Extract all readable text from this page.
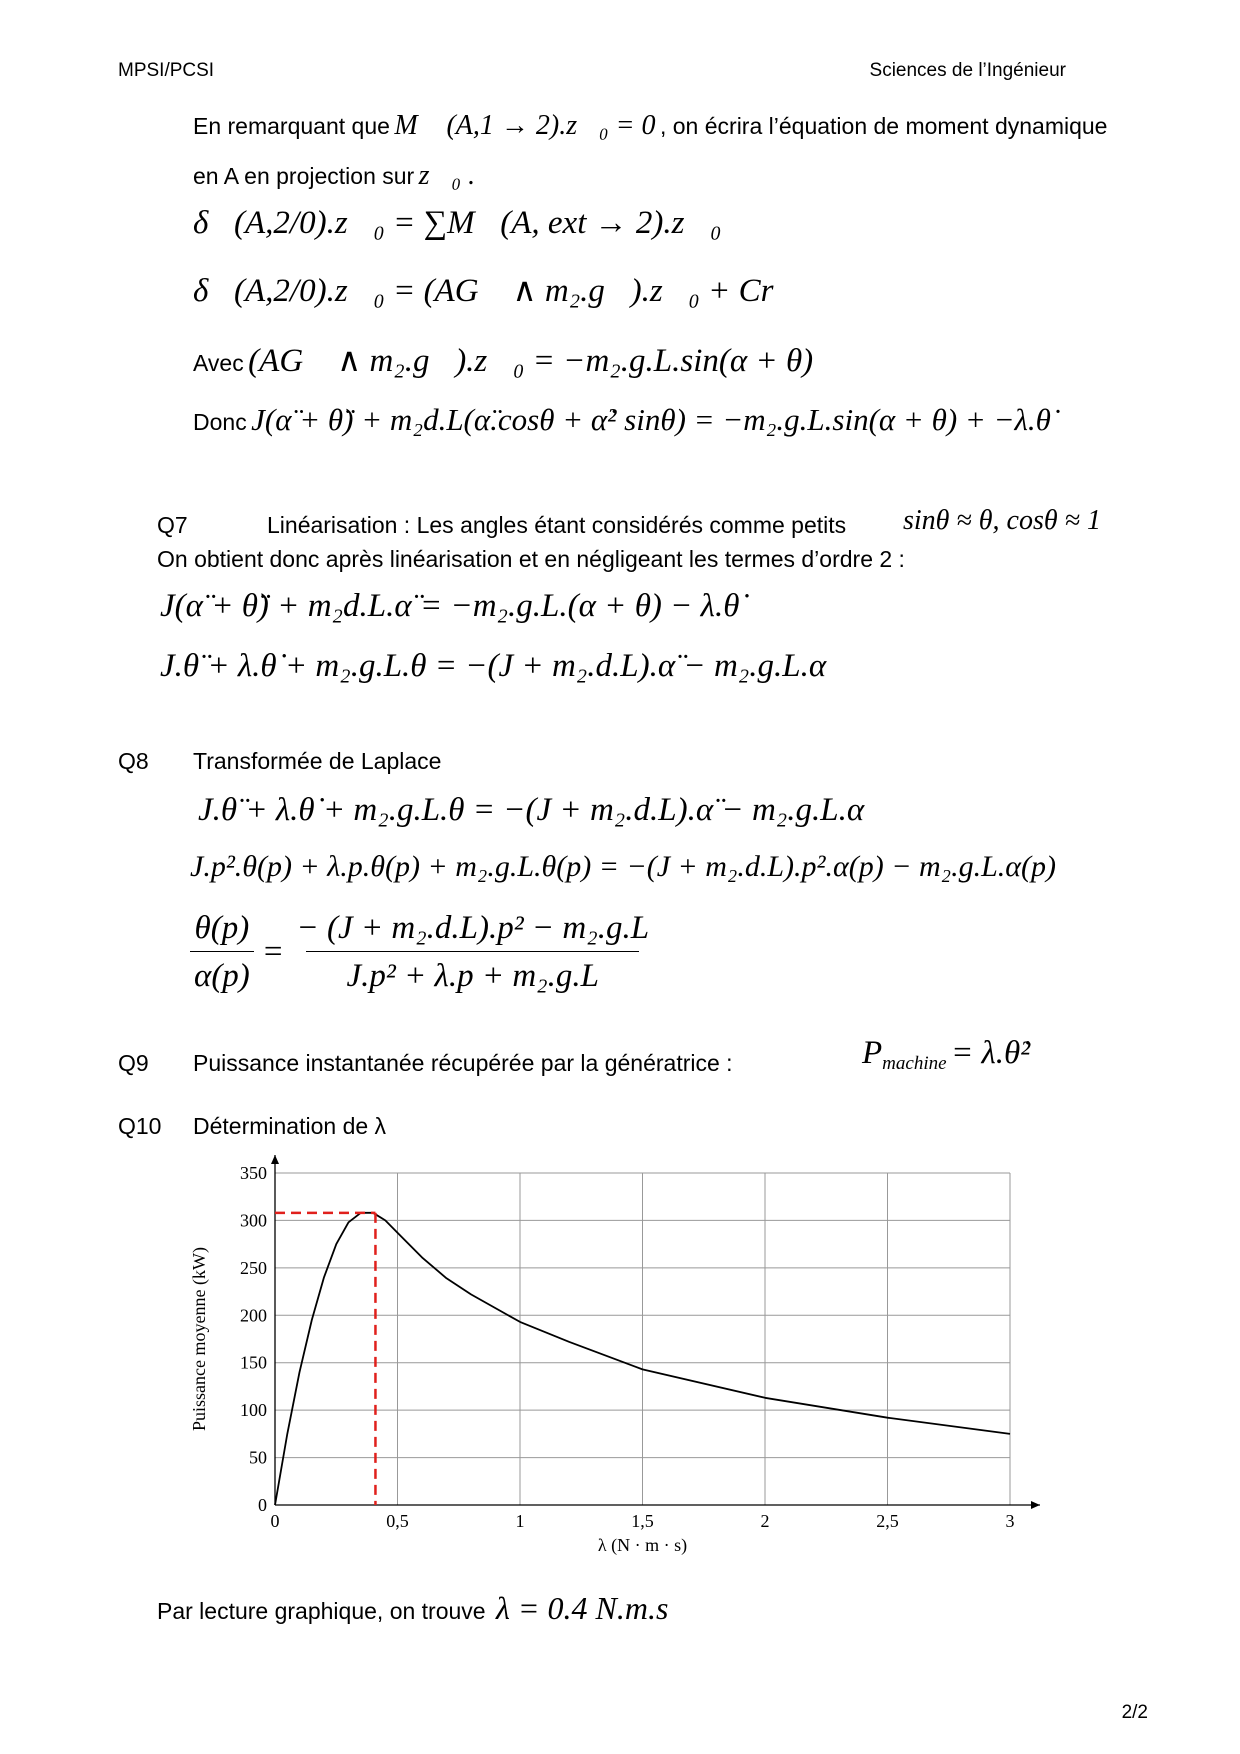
MPSI/PCSI	Sciences de l’Ingénieur
En remarquant que M⃗ (A,1 → 2).z⃗₀ = 0 , on écrira l’équation de moment dynamique
en A en projection sur z⃗₀ .
δ⃗(A,2/0).z⃗₀ = ∑M⃗(A, ext → 2).z⃗₀
δ⃗(A,2/0).z⃗₀ = (AG⃗ ∧ m₂.g⃗).z⃗₀ + Cr
Avec (AG⃗ ∧ m₂.g⃗).z⃗₀ = −m₂.g.L.sin(α + θ)
Donc J(α̈ + θ̈) + m₂d.L(α̈.cosθ + α̇² sinθ) = −m₂.g.L.sin(α + θ) + −λ.θ̇
Q7	Linéarisation : Les angles étant considérés comme petits sinθ ≈ θ, cosθ ≈ 1
On obtient donc après linéarisation et en négligeant les termes d’ordre 2 :
J(α̈ + θ̈) + m₂d.L.α̈ = −m₂.g.L.(α + θ) − λ.θ̇
J.θ̈ + λ.θ̇ + m₂.g.L.θ = −(J + m₂.d.L).α̈ − m₂.g.L.α
Q8 Transformée de Laplace
J.θ̈ + λ.θ̇ + m₂.g.L.θ = −(J + m₂.d.L).α̈ − m₂.g.L.α
J.p².θ(p) + λ.p.θ(p) + m₂.g.L.θ(p) = −(J + m₂.d.L).p².α(p) − m₂.g.L.α(p)
$\frac{\theta(p)}{\alpha(p)} = \frac{\text{− (J + m₂.d.L).p² − m₂.g.L}}{\text{J.p² + λ.p + m₂.g.L}}$
Q9 Puissance instantanée récupérée par la génératrice :	Pmachine = λ.θ̇²
Q10 Détermination de λ
0	0,5	1	1,5	2	2,5	3
0
50
100
150
200
250
300
350
λ (N · m · s)
Puissance moyenne (kW)
Par lecture graphique, on trouve λ = 0.4 N.m.s
2/2
